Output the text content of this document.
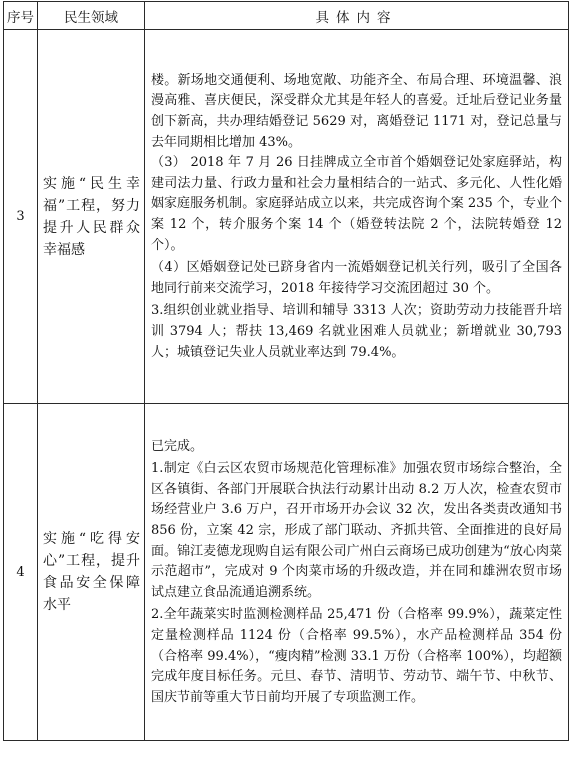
序号	民生领域	具体内容
3	实施“民生幸福”工程，努力提升人民群众幸福感	楼。新场地交通便利、场地宽敞、功能齐全、布局合理、环境温馨、浪漫高雅、喜庆便民，深受群众尤其是年轻人的喜爱。迁址后登记业务量创下新高，共办理结婚登记 5629 对，离婚登记 1171 对，登记总量与去年同期相比增加 43%。

（3） 2018 年 7 月 26 日挂牌成立全市首个婚姻登记处家庭驿站，构建司法力量、行政力量和社会力量相结合的一站式、多元化、人性化婚姻家庭服务机制。家庭驿站成立以来，共完成咨询个案 235 个，专业个案 12 个，转介服务个案 14 个（婚登转法院 2 个，法院转婚登 12 个）。

（4）区婚姻登记处已跻身省内一流婚姻登记机关行列，吸引了全国各地同行前来交流学习，2018 年接待学习交流团超过 30 个。

3.组织创业就业指导、培训和辅导 3313 人次；资助劳动力技能晋升培训 3794 人；帮扶 13,469 名就业困难人员就业；新增就业 30,793 人；城镇登记失业人员就业率达到 79.4%。

4	实施“吃得安心”工程，提升食品安全保障水平	已完成。

1.制定《白云区农贸市场规范化管理标准》加强农贸市场综合整治，全区各镇街、各部门开展联合执法行动累计出动 8.2 万人次，检查农贸市场经营业户 3.6 万户，召开市场开办会议 32 次，发出各类责改通知书 856 份，立案 42 宗，形成了部门联动、齐抓共管、全面推进的良好局面。锦江麦德龙现购自运有限公司广州白云商场已成功创建为“放心肉菜示范超市”，完成对 9 个肉菜市场的升级改造，并在同和雄洲农贸市场试点建立食品流通追溯系统。

2.全年蔬菜实时监测检测样品 25,471 份（合格率 99.9%），蔬菜定性定量检测样品 1124 份（合格率 99.5%），水产品检测样品 354 份（合格率 99.4%），“瘦肉精”检测 33.1 万份（合格率 100%），均超额完成年度目标任务。元旦、春节、清明节、劳动节、端午节、中秋节、国庆节前等重大节日前均开展了专项监测工作。
